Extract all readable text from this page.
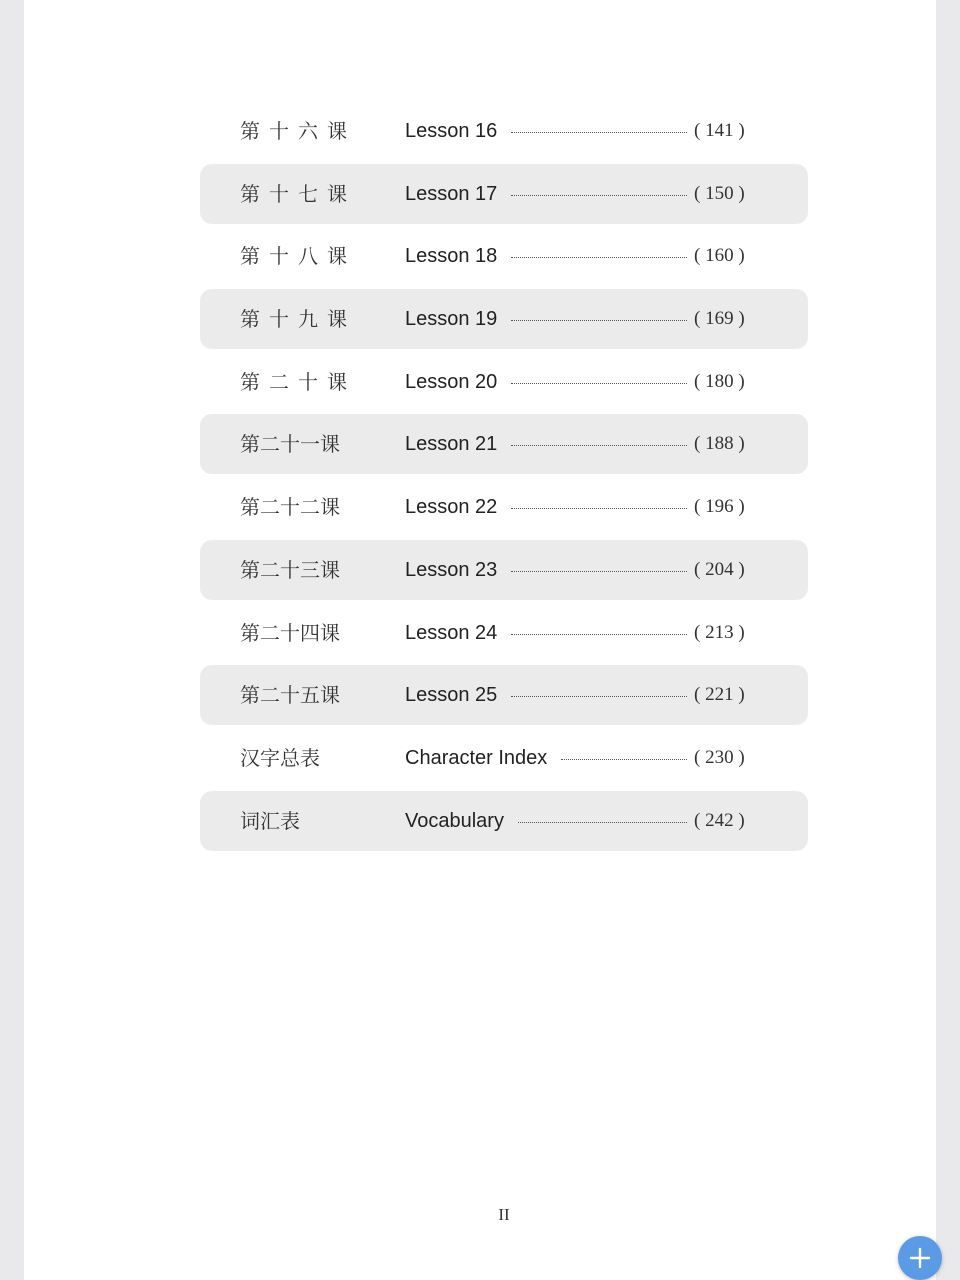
第十六课 Lesson 16	( 141 )
第十七课 Lesson 17	( 150 )
第十八课 Lesson 18	( 160 )
第十九课 Lesson 19	( 169 )
第二十课 Lesson 20	( 180 )
第二十一课	Lesson 21	( 188 )
第二十二课	Lesson 22	( 196 )
第二十三课	Lesson 23	( 204 )
第二十四课	Lesson 24	( 213 )
第二十五课	Lesson 25	( 221 )
汉字总表	Character Index	( 230 )
词汇表	Vocabulary	( 242 )
II
